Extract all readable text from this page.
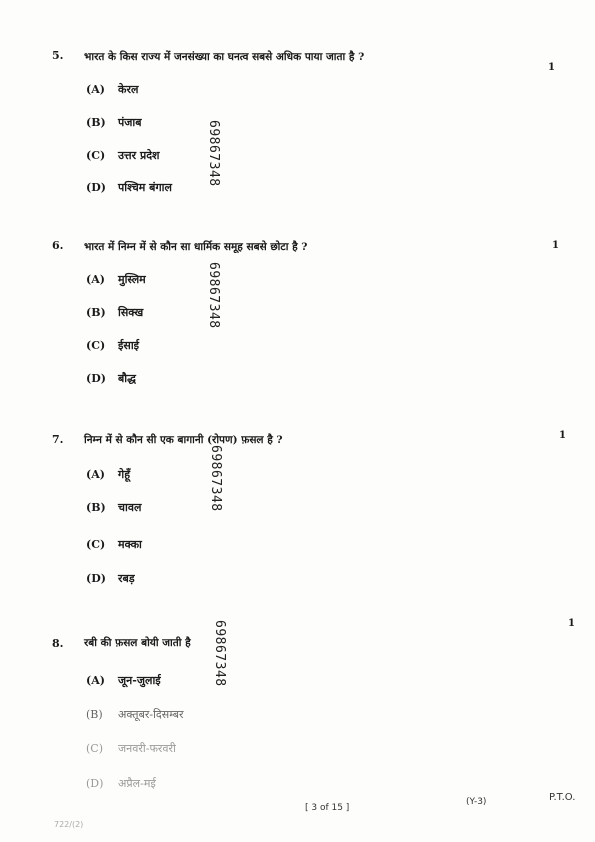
5. भारत के किस राज्य में जनसंख्या का घनत्व सबसे अधिक पाया जाता है ?
1
(A) केरल
(B) पंजाब
(C) उत्तर प्रदेश
(D) पश्चिम बंगाल
69867348
6. भारत में निम्न में से कौन सा धार्मिक समूह सबसे छोटा है ?	1
(A) मुस्लिम
(B) सिक्ख
(C) ईसाई
(D) बौद्ध
69867348
7. निम्न में से कौन सी एक बागानी (रोपण) फ़सल है ?	1
(A) गेहूँ
(B) चावल
(C) मक्का
(D) रबड़
69867348
8. रबी की फ़सल बोयी जाती है
1
(A) जून-जुलाई
(B) अक्तूबर-दिसम्बर
(C) जनवरी-फरवरी
(D) अप्रैल-मई
69867348
[ 3 of 15 ]
(Y-3)	P.T.O.
722/(2)
